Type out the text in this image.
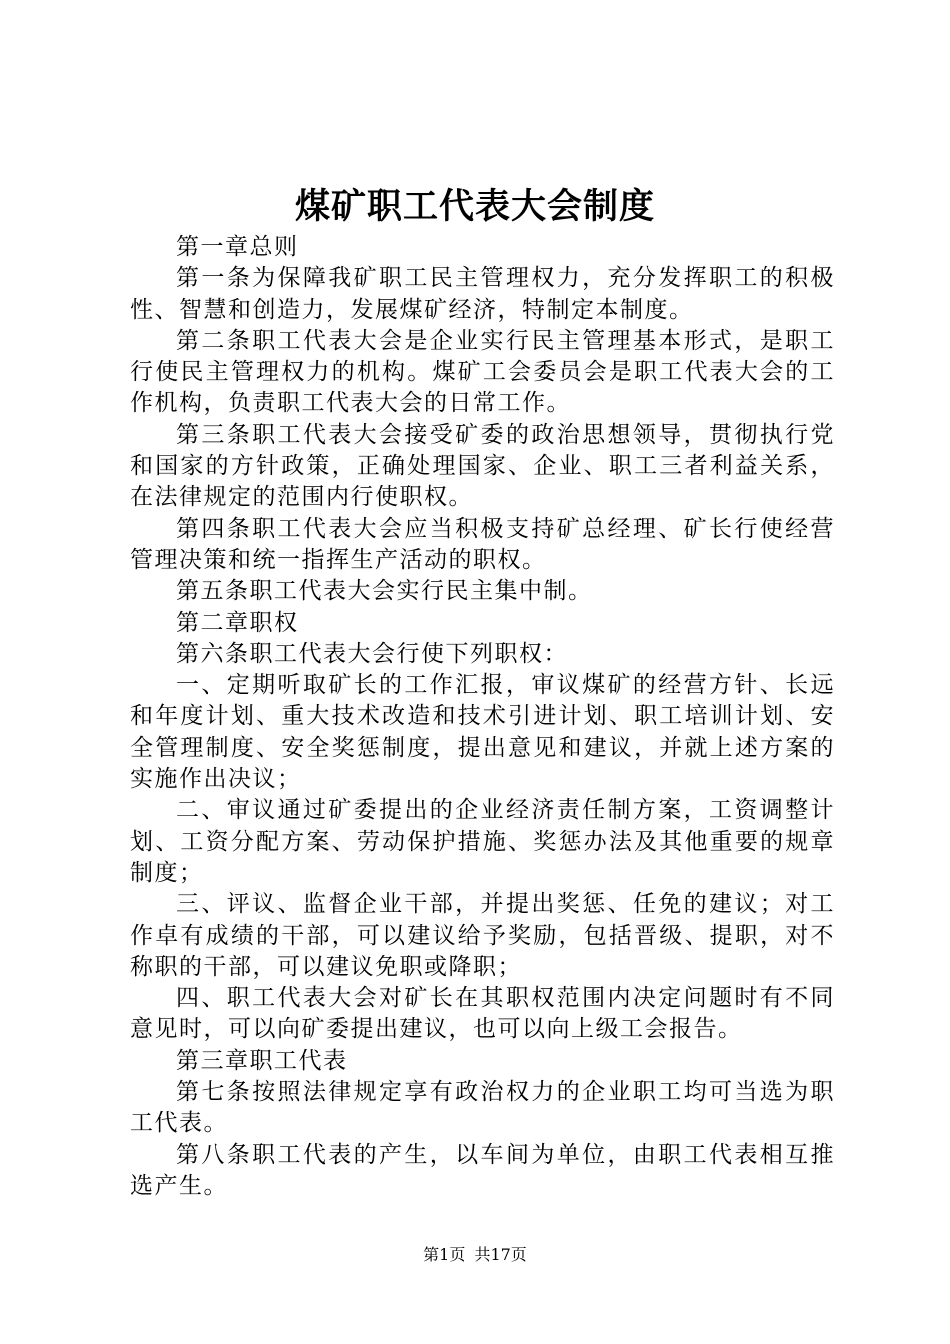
煤矿职工代表大会制度

第一章总则

第一条为保障我矿职工民主管理权力，充分发挥职工的积极性、智慧和创造力，发展煤矿经济，特制定本制度。

第二条职工代表大会是企业实行民主管理基本形式，是职工行使民主管理权力的机构。煤矿工会委员会是职工代表大会的工作机构，负责职工代表大会的日常工作。

第三条职工代表大会接受矿委的政治思想领导，贯彻执行党和国家的方针政策，正确处理国家、企业、职工三者利益关系，在法律规定的范围内行使职权。

第四条职工代表大会应当积极支持矿总经理、矿长行使经营管理决策和统一指挥生产活动的职权。

第五条职工代表大会实行民主集中制。

第二章职权

第六条职工代表大会行使下列职权：

一、定期听取矿长的工作汇报，审议煤矿的经营方针、长远和年度计划、重大技术改造和技术引进计划、职工培训计划、安全管理制度、安全奖惩制度，提出意见和建议，并就上述方案的实施作出决议；

二、审议通过矿委提出的企业经济责任制方案，工资调整计划、工资分配方案、劳动保护措施、奖惩办法及其他重要的规章制度；

三、评议、监督企业干部，并提出奖惩、任免的建议；对工作卓有成绩的干部，可以建议给予奖励，包括晋级、提职，对不称职的干部，可以建议免职或降职；

四、职工代表大会对矿长在其职权范围内决定问题时有不同意见时，可以向矿委提出建议，也可以向上级工会报告。

第三章职工代表

第七条按照法律规定享有政治权力的企业职工均可当选为职工代表。

第八条职工代表的产生，以车间为单位，由职工代表相互推选产生。

第1页 共17页
